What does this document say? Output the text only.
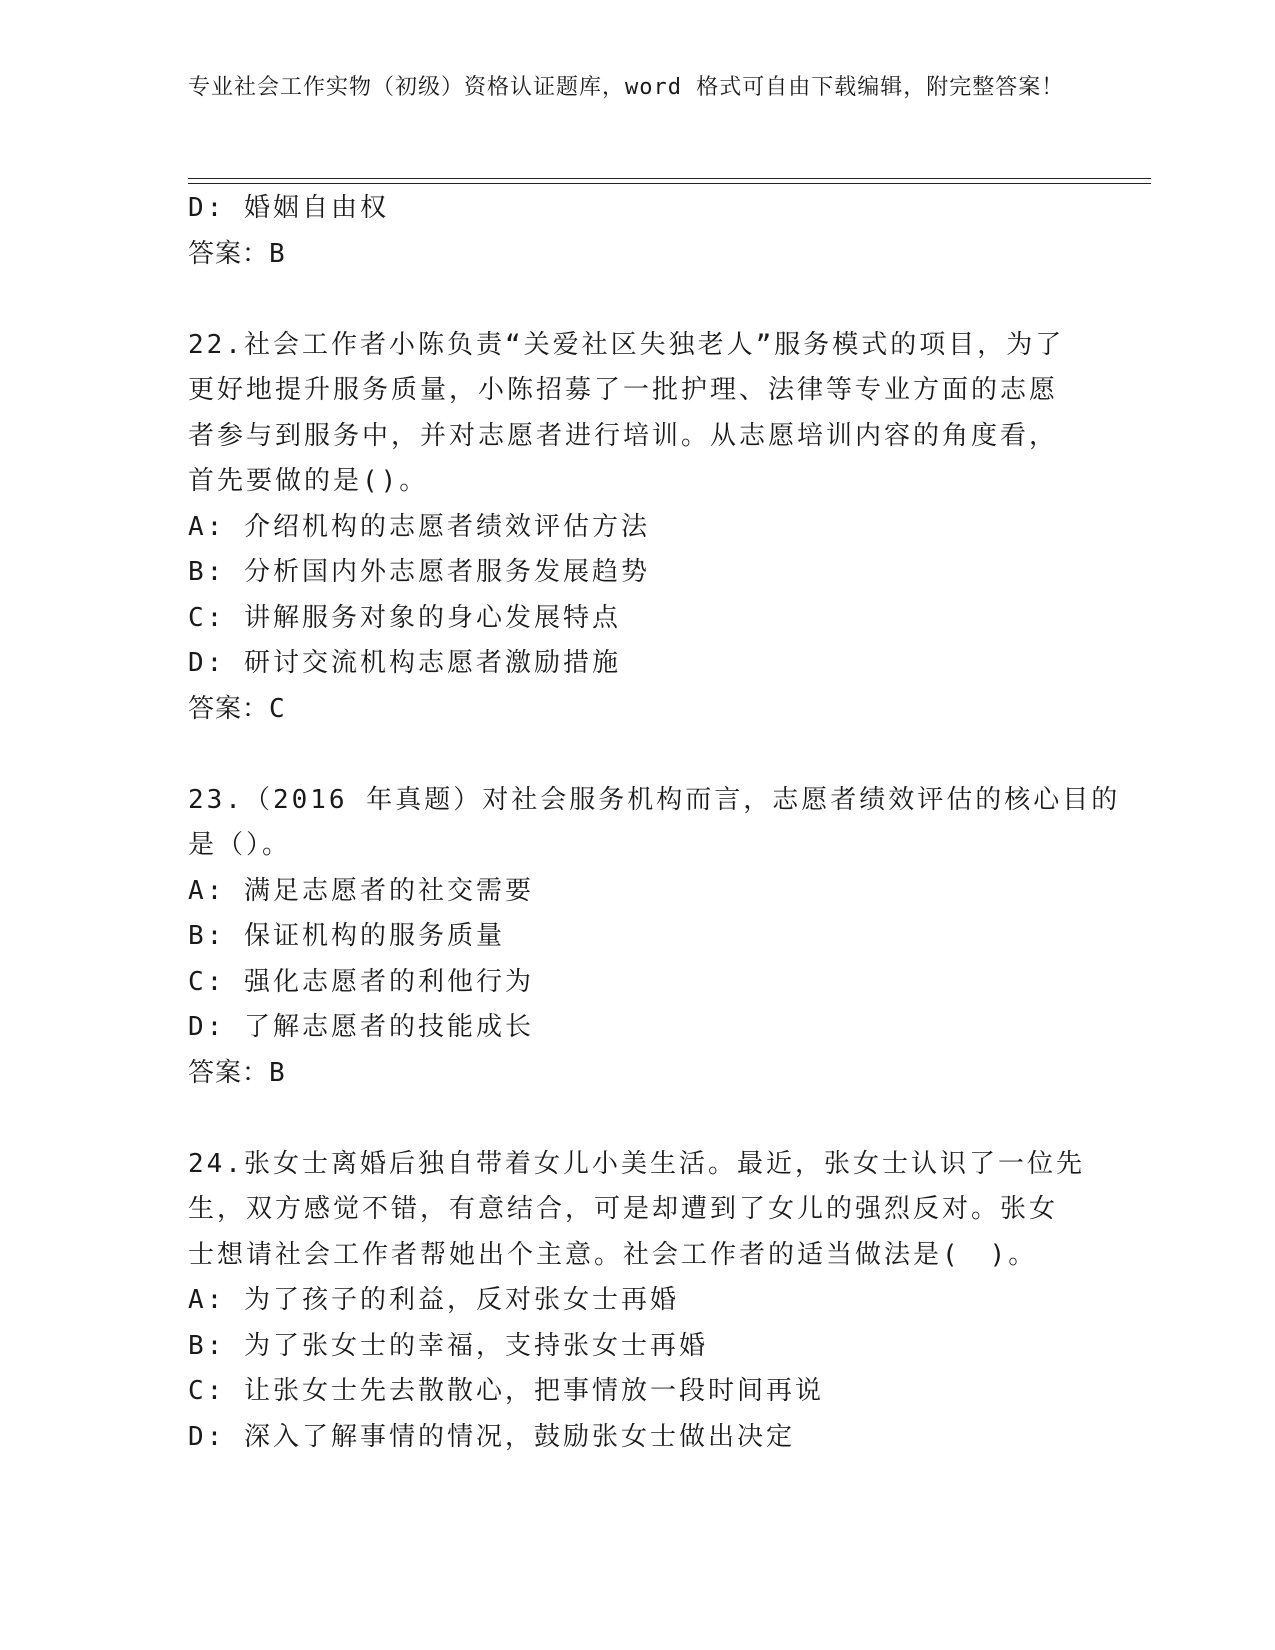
专业社会工作实物（初级）资格认证题库，word 格式可自由下载编辑，附完整答案！
D: 婚姻自由权
答案：B
22.社会工作者小陈负责“关爱社区失独老人”服务模式的项目，为了
更好地提升服务质量，小陈招募了一批护理、法律等专业方面的志愿
者参与到服务中，并对志愿者进行培训。从志愿培训内容的角度看，
首先要做的是()。
A: 介绍机构的志愿者绩效评估方法
B: 分析国内外志愿者服务发展趋势
C: 讲解服务对象的身心发展特点
D: 研讨交流机构志愿者激励措施
答案：C
23.（2016 年真题）对社会服务机构而言，志愿者绩效评估的核心目的
是（）。
A: 满足志愿者的社交需要
B: 保证机构的服务质量
C: 强化志愿者的利他行为
D: 了解志愿者的技能成长
答案：B
24.张女士离婚后独自带着女儿小美生活。最近，张女士认识了一位先
生，双方感觉不错，有意结合，可是却遭到了女儿的强烈反对。张女
士想请社会工作者帮她出个主意。社会工作者的适当做法是(　)。
A: 为了孩子的利益，反对张女士再婚
B: 为了张女士的幸福，支持张女士再婚
C: 让张女士先去散散心，把事情放一段时间再说
D: 深入了解事情的情况，鼓励张女士做出决定
